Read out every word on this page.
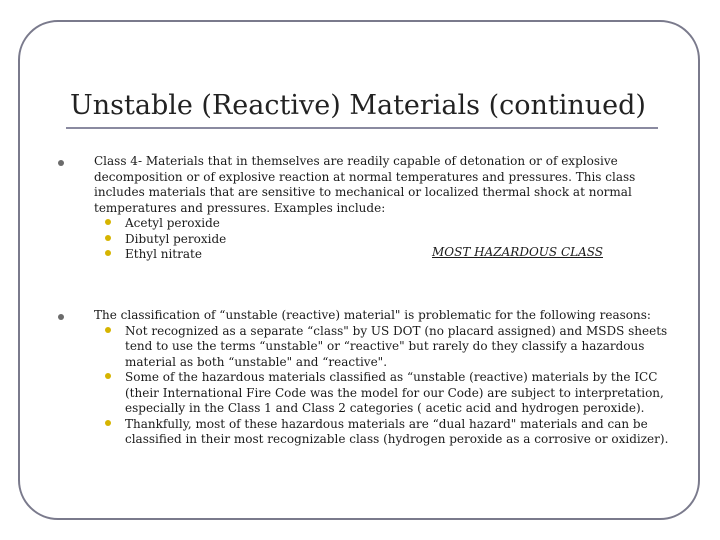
Unstable (Reactive) Materials (continued)
Class 4- Materials that in themselves are readily capable of detonation or of explosive decomposition or of explosive reaction at normal temperatures and pressures. This class includes materials that are sensitive to mechanical or localized thermal shock at normal temperatures and pressures. Examples include:
Acetyl peroxide
Dibutyl peroxide
Ethyl nitrate	MOST HAZARDOUS CLASS
The classification of “unstable (reactive) material" is problematic for the following reasons:
Not recognized as a separate “class" by US DOT (no placard assigned) and MSDS sheets tend to use the terms “unstable" or “reactive" but rarely do they classify a hazardous material as both “unstable" and “reactive".
Some of the hazardous materials classified as “unstable (reactive) materials by the ICC (their International Fire Code was the model for our Code) are subject to interpretation, especially in the Class 1 and Class 2 categories ( acetic acid and hydrogen peroxide).
Thankfully, most of these hazardous materials are “dual hazard" materials and can be classified in their most recognizable class (hydrogen peroxide as a corrosive or oxidizer).
